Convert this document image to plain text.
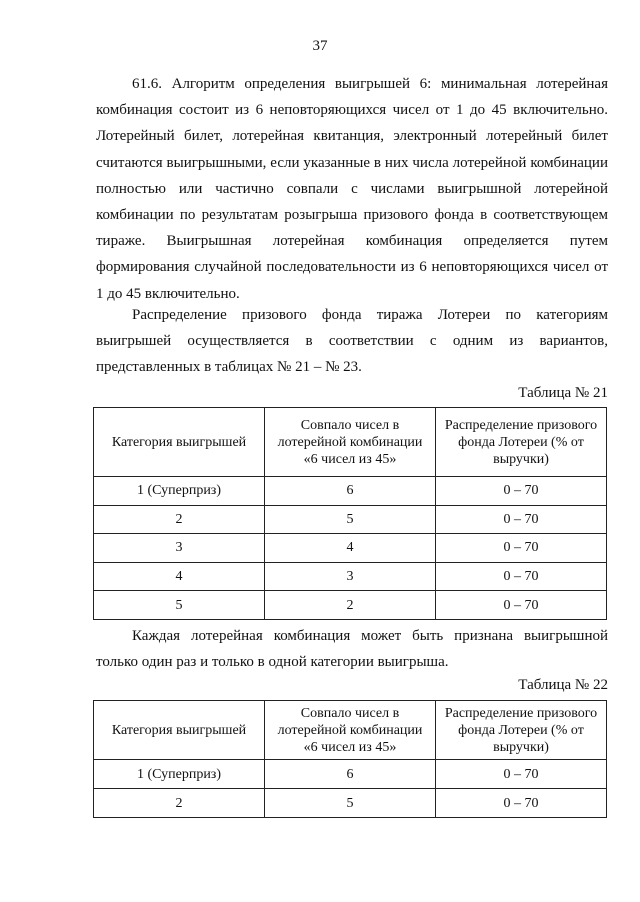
37

61.6. Алгоритм определения выигрышей 6: минимальная лотерейная комбинация состоит из 6 неповторяющихся чисел от 1 до 45 включительно. Лотерейный билет, лотерейная квитанция, электронный лотерейный билет считаются выигрышными, если указанные в них числа лотерейной комбинации полностью или частично совпали с числами выигрышной лотерейной комбинации по результатам розыгрыша призового фонда в соответствующем тираже. Выигрышная лотерейная комбинация определяется путем формирования случайной последовательности из 6 неповторяющихся чисел от 1 до 45 включительно.

Распределение призового фонда тиража Лотереи по категориям выигрышей осуществляется в соответствии с одним из вариантов, представленных в таблицах № 21 – № 23.

Таблица № 21
Категория выигрышей	Совпало чисел в лотерейной комбинации «6 чисел из 45»	Распределение призового фонда Лотереи (% от выручки)
1 (Суперприз)	6	0 – 70
2	5	0 – 70
3	4	0 – 70
4	3	0 – 70
5	2	0 – 70

Каждая лотерейная комбинация может быть признана выигрышной только один раз и только в одной категории выигрыша.

Таблица № 22
Категория выигрышей	Совпало чисел в лотерейной комбинации «6 чисел из 45»	Распределение призового фонда Лотереи (% от выручки)
1 (Суперприз)	6	0 – 70
2	5	0 – 70
